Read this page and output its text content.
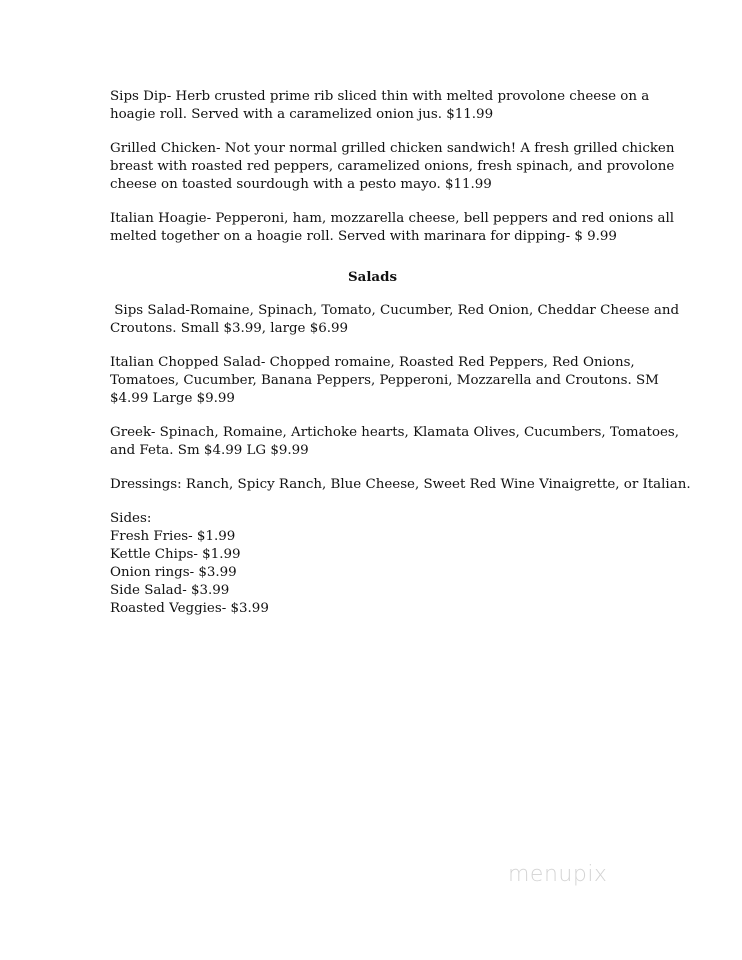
Sips Dip- Herb crusted prime rib sliced thin with melted provolone cheese on a
hoagie roll. Served with a caramelized onion jus. $11.99
Grilled Chicken- Not your normal grilled chicken sandwich! A fresh grilled chicken
breast with roasted red peppers, caramelized onions, fresh spinach, and provolone
cheese on toasted sourdough with a pesto mayo. $11.99
Italian Hoagie- Pepperoni, ham, mozzarella cheese, bell peppers and red onions all
melted together on a hoagie roll. Served with marinara for dipping- $ 9.99
Salads
Sips Salad-Romaine, Spinach, Tomato, Cucumber, Red Onion, Cheddar Cheese and
Croutons. Small $3.99, large $6.99
Italian Chopped Salad- Chopped romaine, Roasted Red Peppers, Red Onions,
Tomatoes, Cucumber, Banana Peppers, Pepperoni, Mozzarella and Croutons. SM
$4.99 Large $9.99
Greek- Spinach, Romaine, Artichoke hearts, Klamata Olives, Cucumbers, Tomatoes,
and Feta. Sm $4.99 LG $9.99
Dressings: Ranch, Spicy Ranch, Blue Cheese, Sweet Red Wine Vinaigrette, or Italian.
Sides:
Fresh Fries- $1.99
Kettle Chips- $1.99
Onion rings- $3.99
Side Salad- $3.99
Roasted Veggies- $3.99
menupix
